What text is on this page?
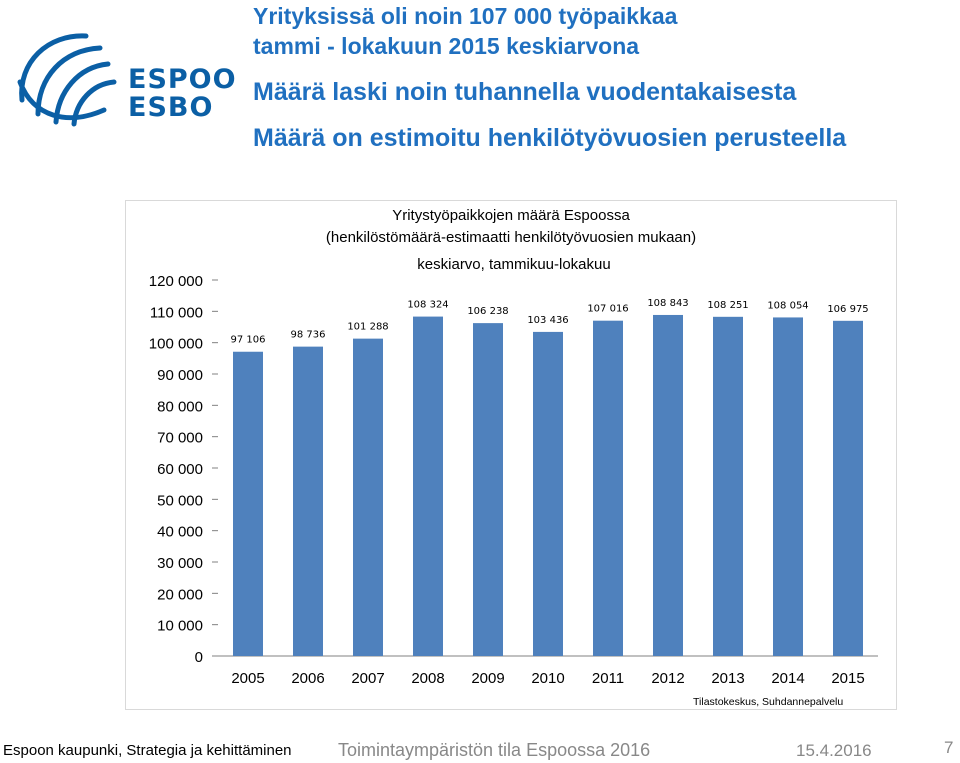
ESPOO
ESBO
Yrityksissä oli noin 107 000 työpaikkaa
tammi - lokakuun 2015 keskiarvona
Määrä laski noin tuhannella vuodentakaisesta
Määrä on estimoitu henkilötyövuosien perusteella
Yritystyöpaikkojen määrä Espoossa
(henkilöstömäärä-estimaatti henkilötyövuosien mukaan)
keskiarvo, tammikuu-lokakuu
0
10 000
20 000
30 000
40 000
50 000
60 000
70 000
80 000
90 000
100 000
110 000
120 000
97 106
2005
98 736
2006
101 288
2007
108 324
2008
106 238
2009
103 436
2010
107 016
2011
108 843
2012
108 251
2013
108 054
2014
106 975
2015
Tilastokeskus, Suhdannepalvelu
Espoon kaupunki, Strategia ja kehittäminen	Toimintaympäristön tila Espoossa 2016	15.4.2016	7
